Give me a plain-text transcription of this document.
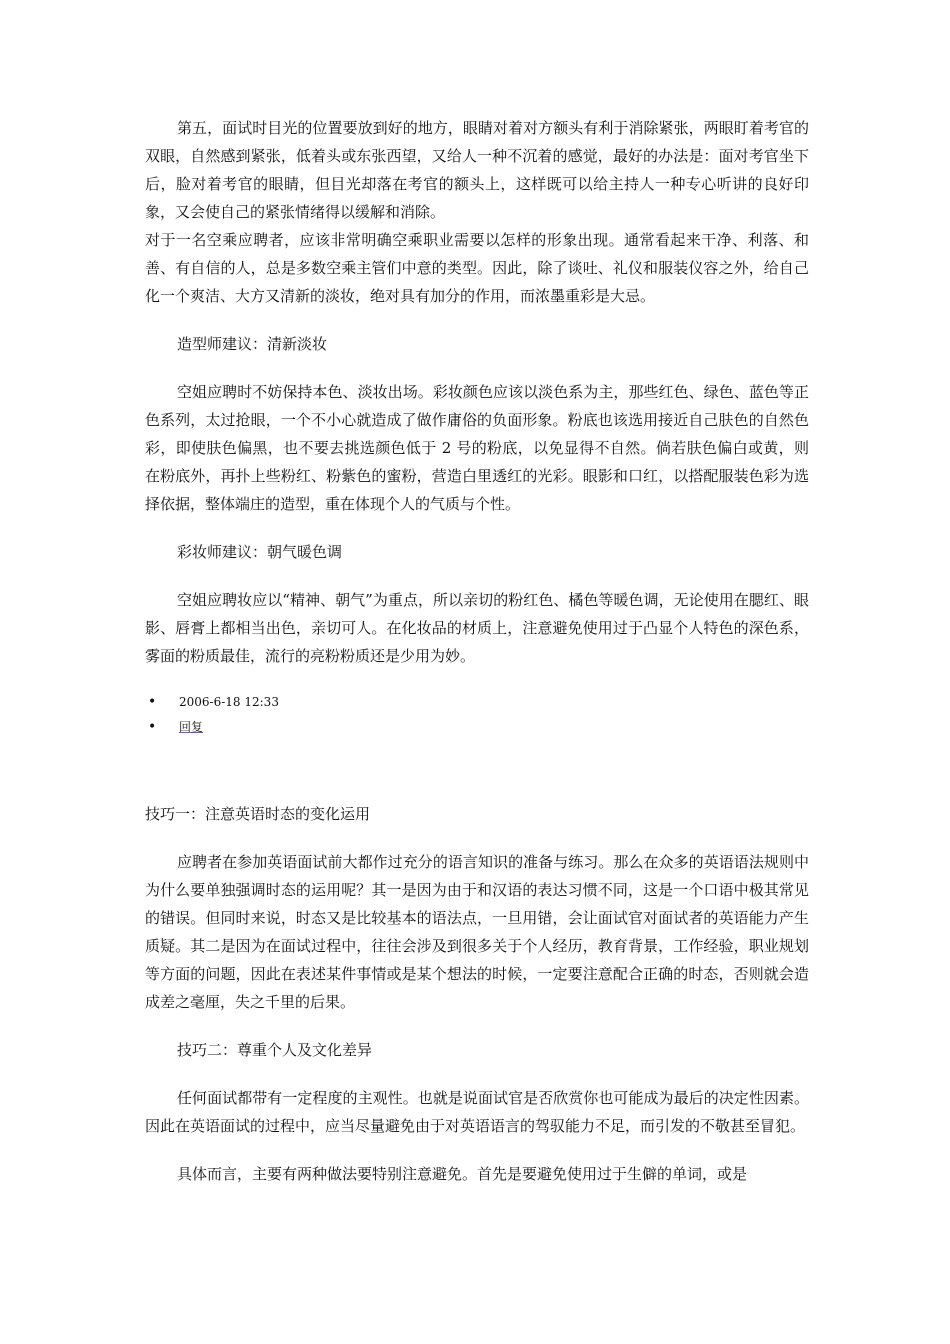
第五，面试时目光的位置要放到好的地方，眼睛对着对方额头有利于消除紧张，两眼盯着考官的双眼，自然感到紧张，低着头或东张西望，又给人一种不沉着的感觉，最好的办法是：面对考官坐下后，脸对着考官的眼睛，但目光却落在考官的额头上，这样既可以给主持人一种专心听讲的良好印象，又会使自己的紧张情绪得以缓解和消除。

对于一名空乘应聘者，应该非常明确空乘职业需要以怎样的形象出现。通常看起来干净、利落、和善、有自信的人，总是多数空乘主管们中意的类型。因此，除了谈吐、礼仪和服装仪容之外，给自己化一个爽洁、大方又清新的淡妆，绝对具有加分的作用，而浓墨重彩是大忌。

造型师建议：清新淡妆

空姐应聘时不妨保持本色、淡妆出场。彩妆颜色应该以淡色系为主，那些红色、绿色、蓝色等正色系列，太过抢眼，一个不小心就造成了做作庸俗的负面形象。粉底也该选用接近自己肤色的自然色彩，即使肤色偏黑，也不要去挑选颜色低于 2 号的粉底，以免显得不自然。倘若肤色偏白或黄，则在粉底外，再扑上些粉红、粉紫色的蜜粉，营造白里透红的光彩。眼影和口红，以搭配服装色彩为选择依据，整体端庄的造型，重在体现个人的气质与个性。

彩妆师建议：朝气暖色调

空姐应聘妆应以“精神、朝气”为重点，所以亲切的粉红色、橘色等暖色调，无论使用在腮红、眼影、唇膏上都相当出色，亲切可人。在化妆品的材质上，注意避免使用过于凸显个人特色的深色系，雾面的粉质最佳，流行的亮粉粉质还是少用为妙。

• 2006-6-18 12:33
• 回复

技巧一：注意英语时态的变化运用

应聘者在参加英语面试前大都作过充分的语言知识的准备与练习。那么在众多的英语语法规则中为什么要单独强调时态的运用呢？其一是因为由于和汉语的表达习惯不同，这是一个口语中极其常见的错误。但同时来说，时态又是比较基本的语法点，一旦用错，会让面试官对面试者的英语能力产生质疑。其二是因为在面试过程中，往往会涉及到很多关于个人经历，教育背景，工作经验，职业规划等方面的问题，因此在表述某件事情或是某个想法的时候，一定要注意配合正确的时态，否则就会造成差之毫厘，失之千里的后果。

技巧二：尊重个人及文化差异

任何面试都带有一定程度的主观性。也就是说面试官是否欣赏你也可能成为最后的决定性因素。因此在英语面试的过程中，应当尽量避免由于对英语语言的驾驭能力不足，而引发的不敬甚至冒犯。

具体而言，主要有两种做法要特别注意避免。首先是要避免使用过于生僻的单词，或是
